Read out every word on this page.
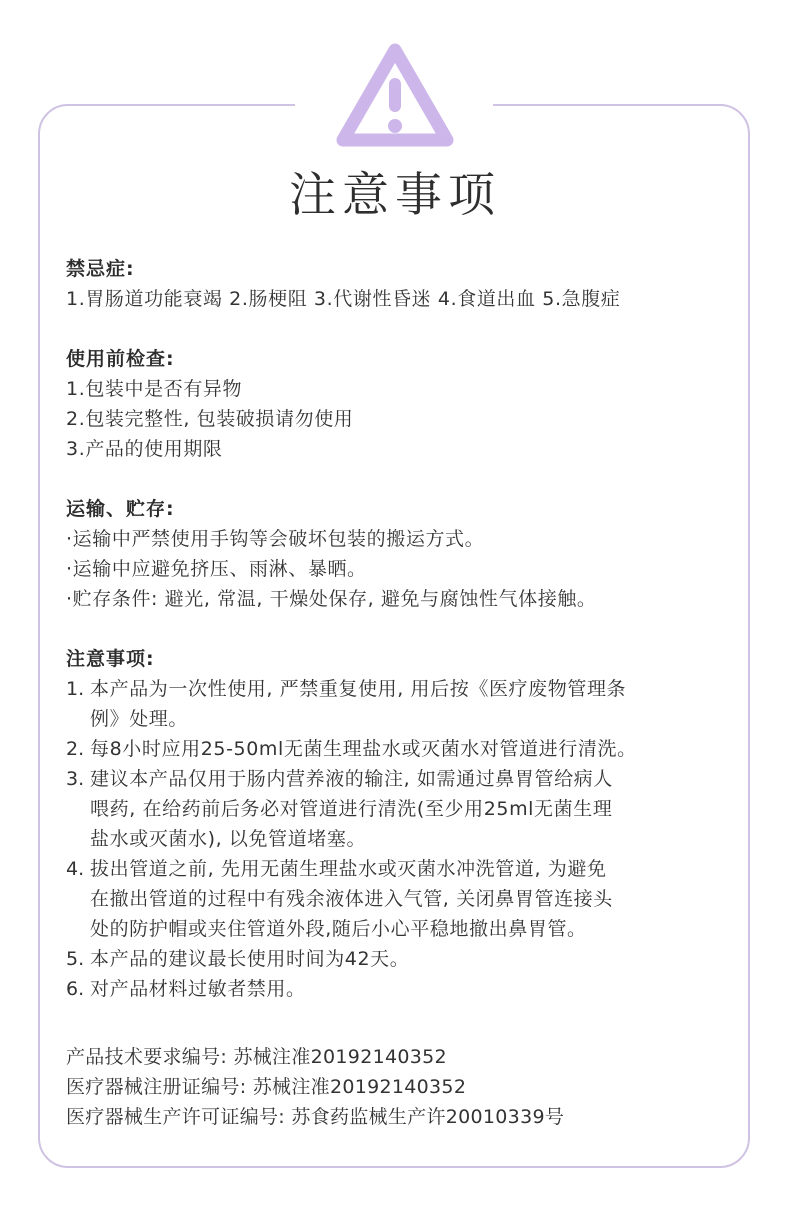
注意事项
禁忌症:
1.胃肠道功能衰竭 2.肠梗阻 3.代谢性昏迷 4.食道出血 5.急腹症
使用前检查:
1.包装中是否有异物
2.包装完整性, 包装破损请勿使用
3.产品的使用期限
运输、贮存:
·运输中严禁使用手钩等会破坏包装的搬运方式。
·运输中应避免挤压、雨淋、暴晒。
·贮存条件: 避光, 常温, 干燥处保存, 避免与腐蚀性气体接触。
注意事项:
1. 本产品为一次性使用, 严禁重复使用, 用后按《医疗废物管理条
例》处理。
2. 每8小时应用25-50ml无菌生理盐水或灭菌水对管道进行清洗。
3. 建议本产品仅用于肠内营养液的输注, 如需通过鼻胃管给病人
喂药, 在给药前后务必对管道进行清洗(至少用25ml无菌生理
盐水或灭菌水), 以免管道堵塞。
4. 拔出管道之前, 先用无菌生理盐水或灭菌水冲洗管道, 为避免
在撤出管道的过程中有残余液体进入气管, 关闭鼻胃管连接头
处的防护帽或夹住管道外段,随后小心平稳地撤出鼻胃管。
5. 本产品的建议最长使用时间为42天。
6. 对产品材料过敏者禁用。
产品技术要求编号: 苏械注准20192140352
医疗器械注册证编号: 苏械注准20192140352
医疗器械生产许可证编号: 苏食药监械生产许20010339号
